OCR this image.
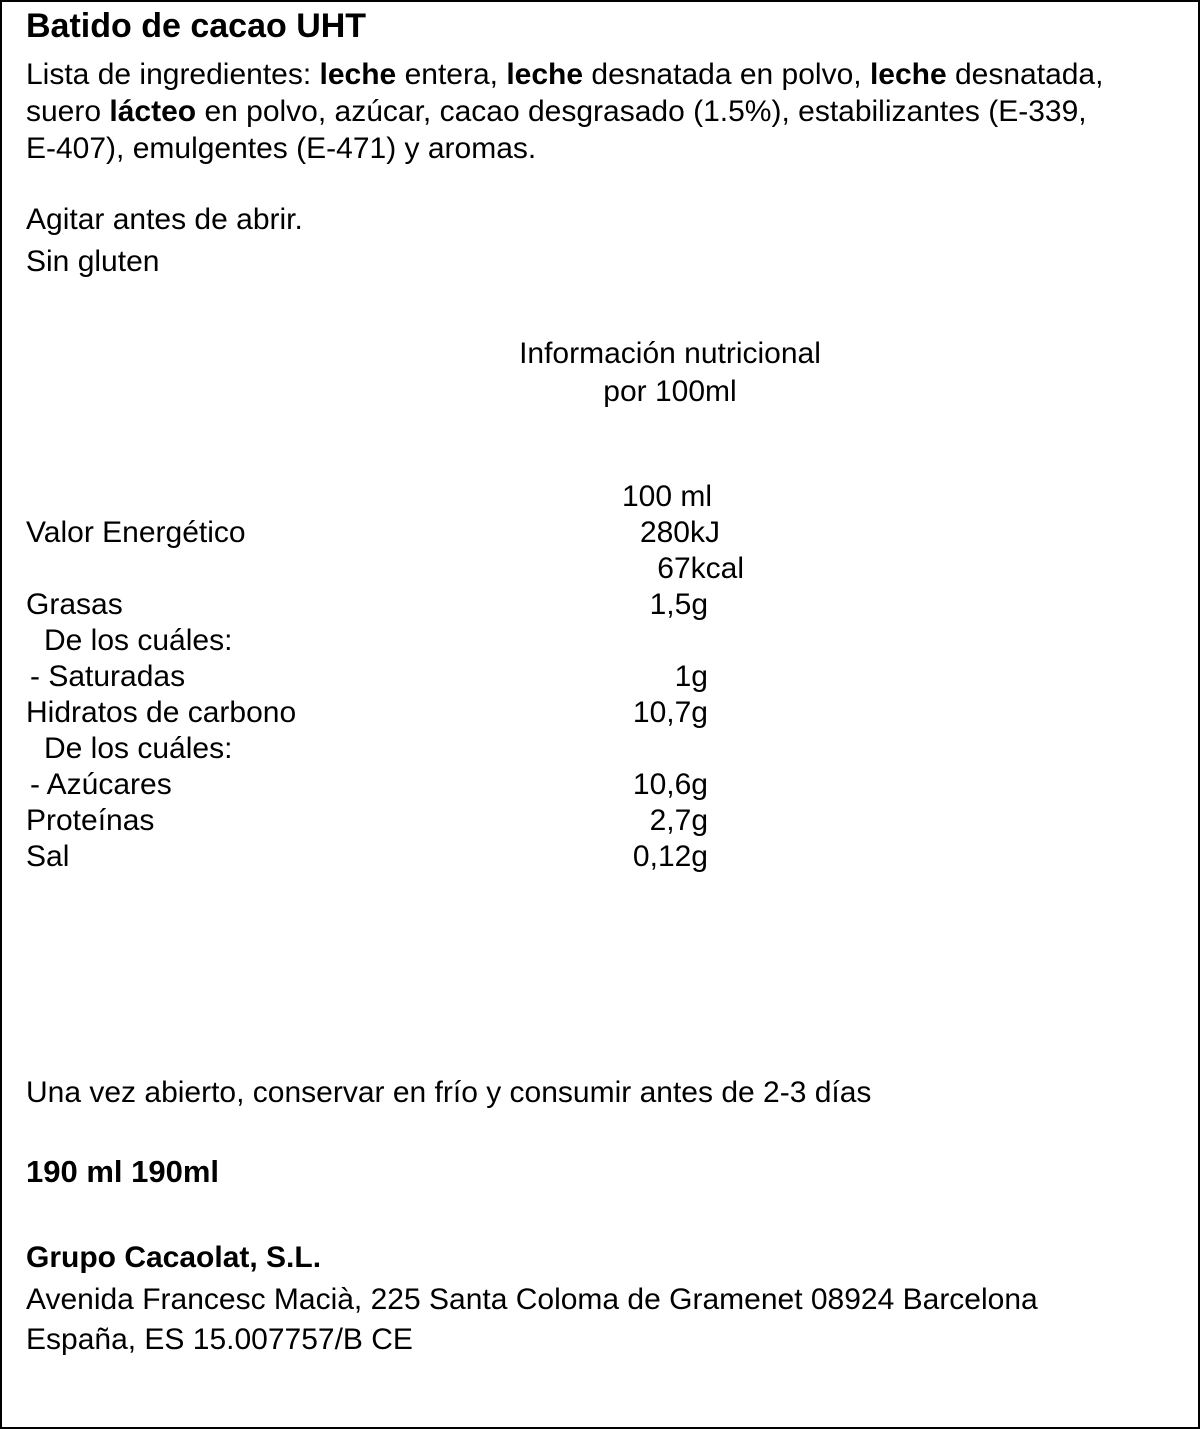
Batido de cacao UHT
Lista de ingredientes: leche entera, leche desnatada en polvo, leche desnatada,
suero lácteo en polvo, azúcar, cacao desgrasado (1.5%), estabilizantes (E-339,
E-407), emulgentes (E-471) y aromas.
Agitar antes de abrir.
Sin gluten
Información nutricional
por 100ml
100 ml
Valor Energético	280kJ
67kcal
Grasas	1,5g
De los cuáles:
- Saturadas	1g
Hidratos de carbono	10,7g
De los cuáles:
- Azúcares	10,6g
Proteínas	2,7g
Sal	0,12g
Una vez abierto, conservar en frío y consumir antes de 2-3 días
190 ml 190ml
Grupo Cacaolat, S.L.
Avenida Francesc Macià, 225 Santa Coloma de Gramenet 08924 Barcelona
España, ES 15.007757/B CE
